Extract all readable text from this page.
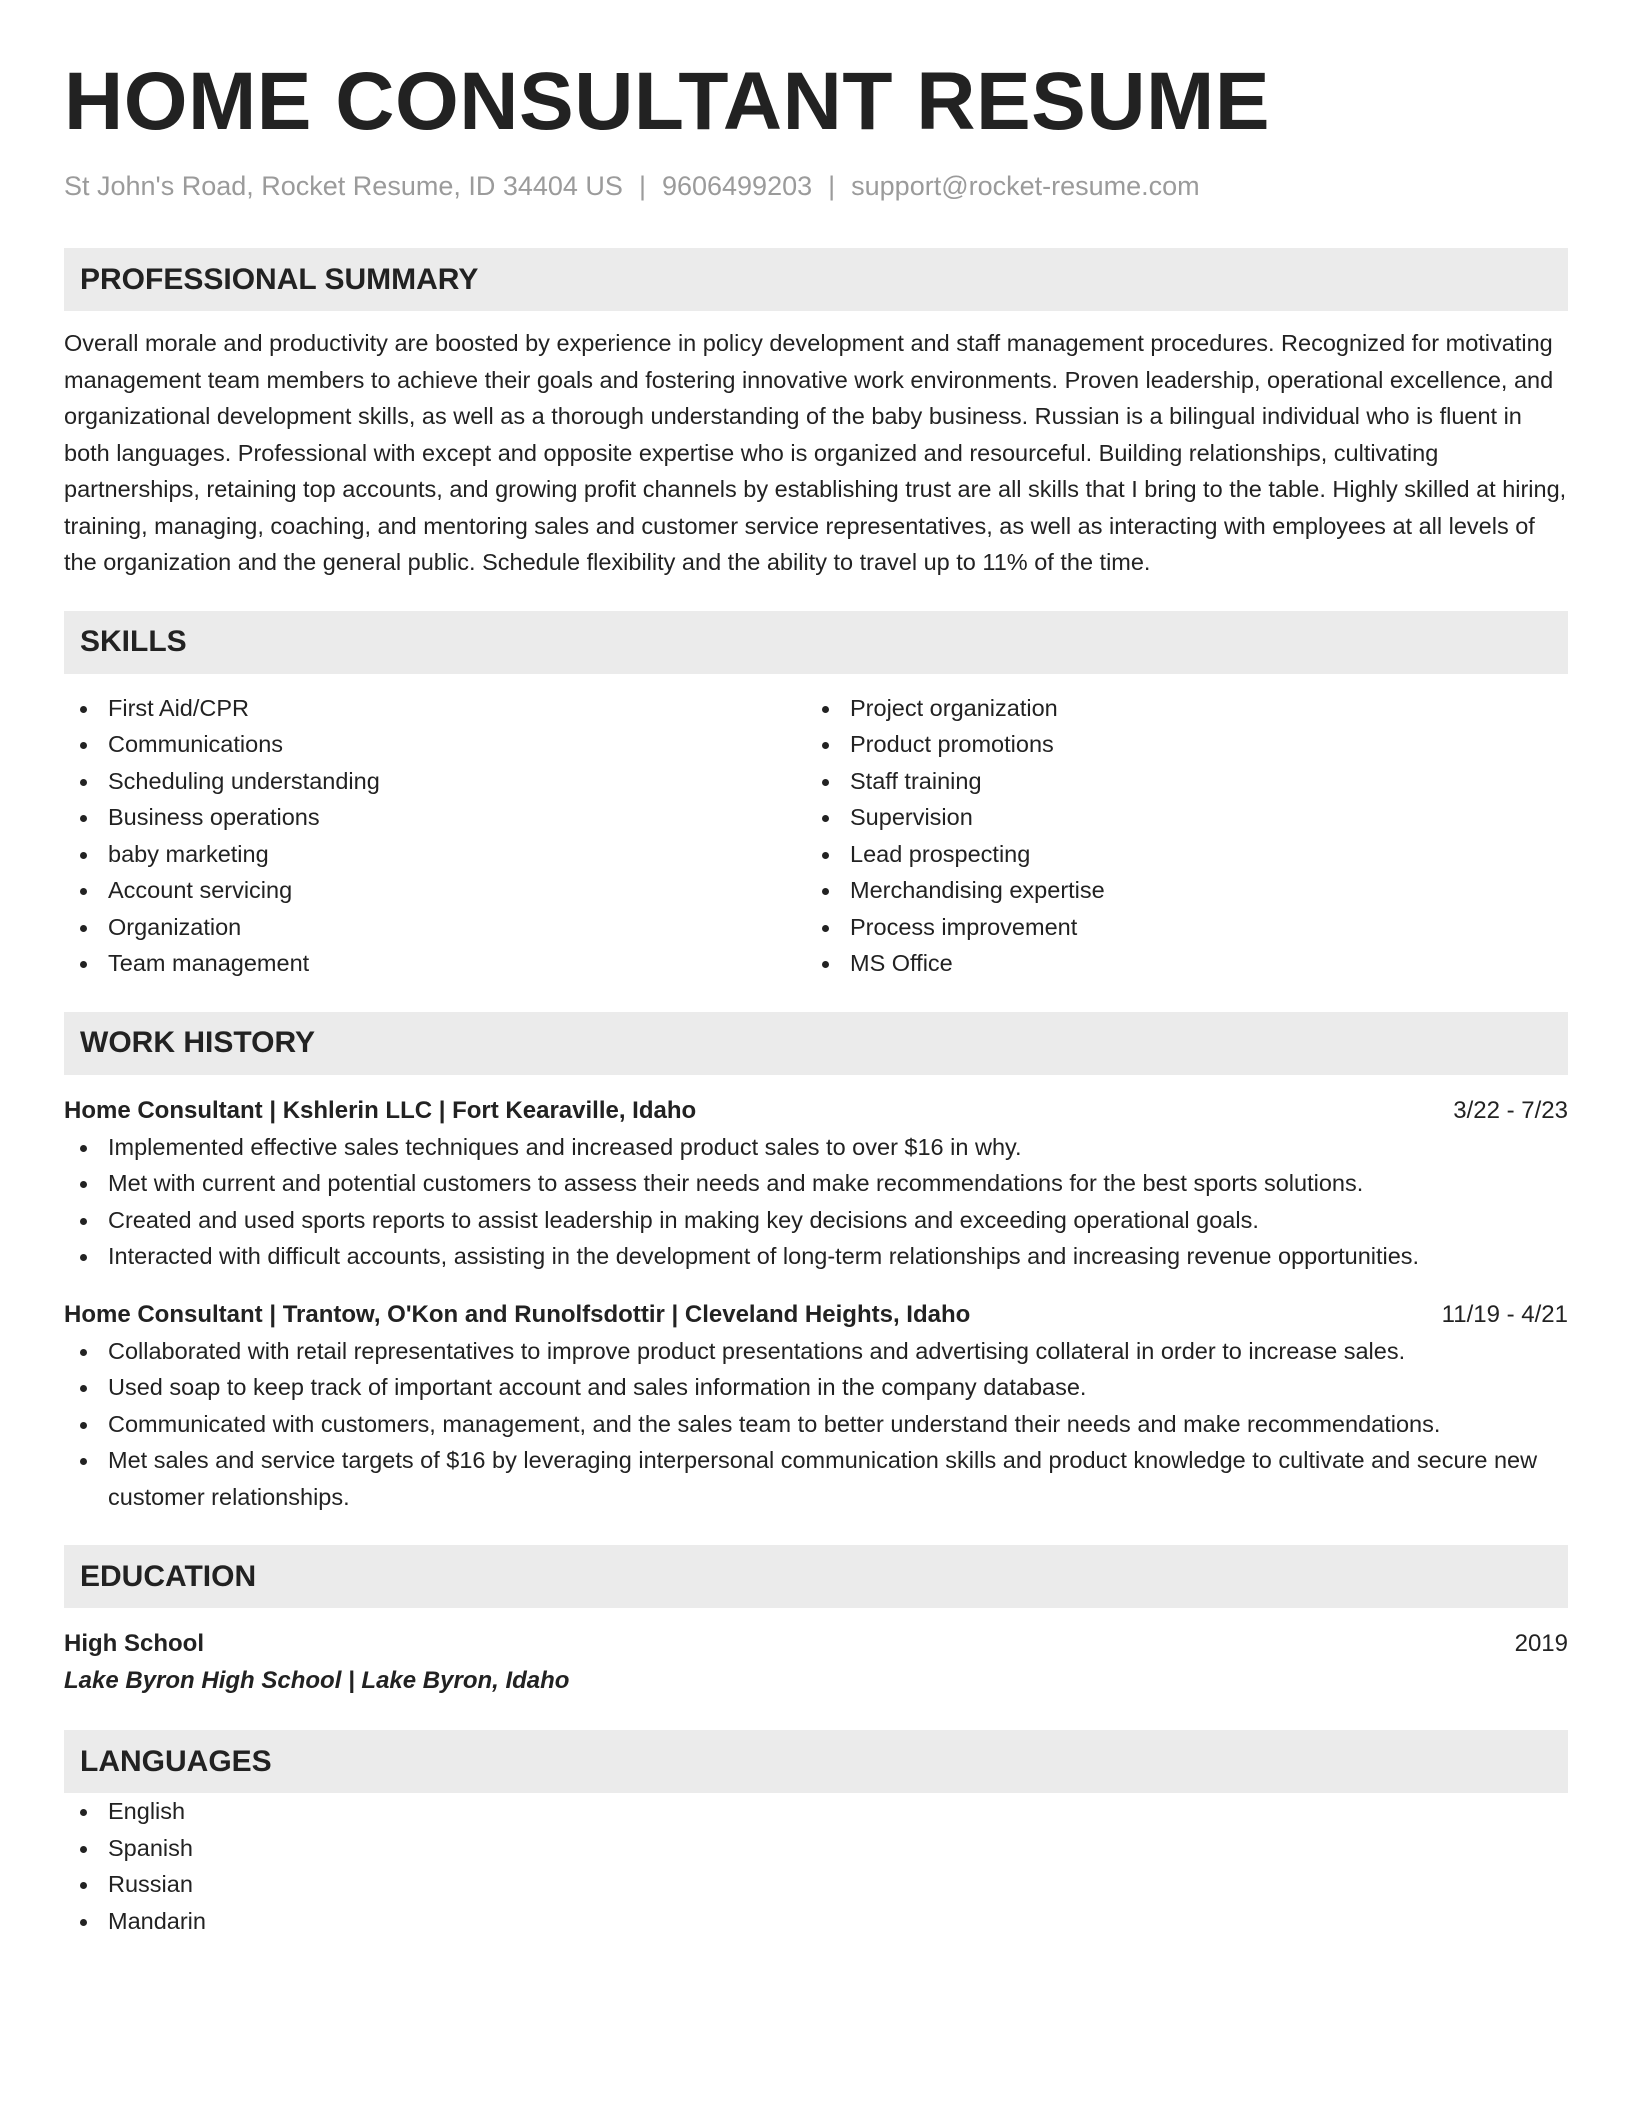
HOME CONSULTANT RESUME
St John's Road, Rocket Resume, ID 34404 US | 9606499203 | support@rocket-resume.com
PROFESSIONAL SUMMARY
Overall morale and productivity are boosted by experience in policy development and staff management procedures. Recognized for motivating management team members to achieve their goals and fostering innovative work environments. Proven leadership, operational excellence, and organizational development skills, as well as a thorough understanding of the baby business. Russian is a bilingual individual who is fluent in both languages. Professional with except and opposite expertise who is organized and resourceful. Building relationships, cultivating partnerships, retaining top accounts, and growing profit channels by establishing trust are all skills that I bring to the table. Highly skilled at hiring, training, managing, coaching, and mentoring sales and customer service representatives, as well as interacting with employees at all levels of the organization and the general public. Schedule flexibility and the ability to travel up to 11% of the time.
SKILLS
First Aid/CPR
Communications
Scheduling understanding
Business operations
baby marketing
Account servicing
Organization
Team management
Project organization
Product promotions
Staff training
Supervision
Lead prospecting
Merchandising expertise
Process improvement
MS Office
WORK HISTORY
Home Consultant | Kshlerin LLC | Fort Kearaville, Idaho	3/22 - 7/23
Implemented effective sales techniques and increased product sales to over $16 in why.
Met with current and potential customers to assess their needs and make recommendations for the best sports solutions.
Created and used sports reports to assist leadership in making key decisions and exceeding operational goals.
Interacted with difficult accounts, assisting in the development of long-term relationships and increasing revenue opportunities.
Home Consultant | Trantow, O'Kon and Runolfsdottir | Cleveland Heights, Idaho	11/19 - 4/21
Collaborated with retail representatives to improve product presentations and advertising collateral in order to increase sales.
Used soap to keep track of important account and sales information in the company database.
Communicated with customers, management, and the sales team to better understand their needs and make recommendations.
Met sales and service targets of $16 by leveraging interpersonal communication skills and product knowledge to cultivate and secure new customer relationships.
EDUCATION
High School	2019
Lake Byron High School | Lake Byron, Idaho
LANGUAGES
English
Spanish
Russian
Mandarin
